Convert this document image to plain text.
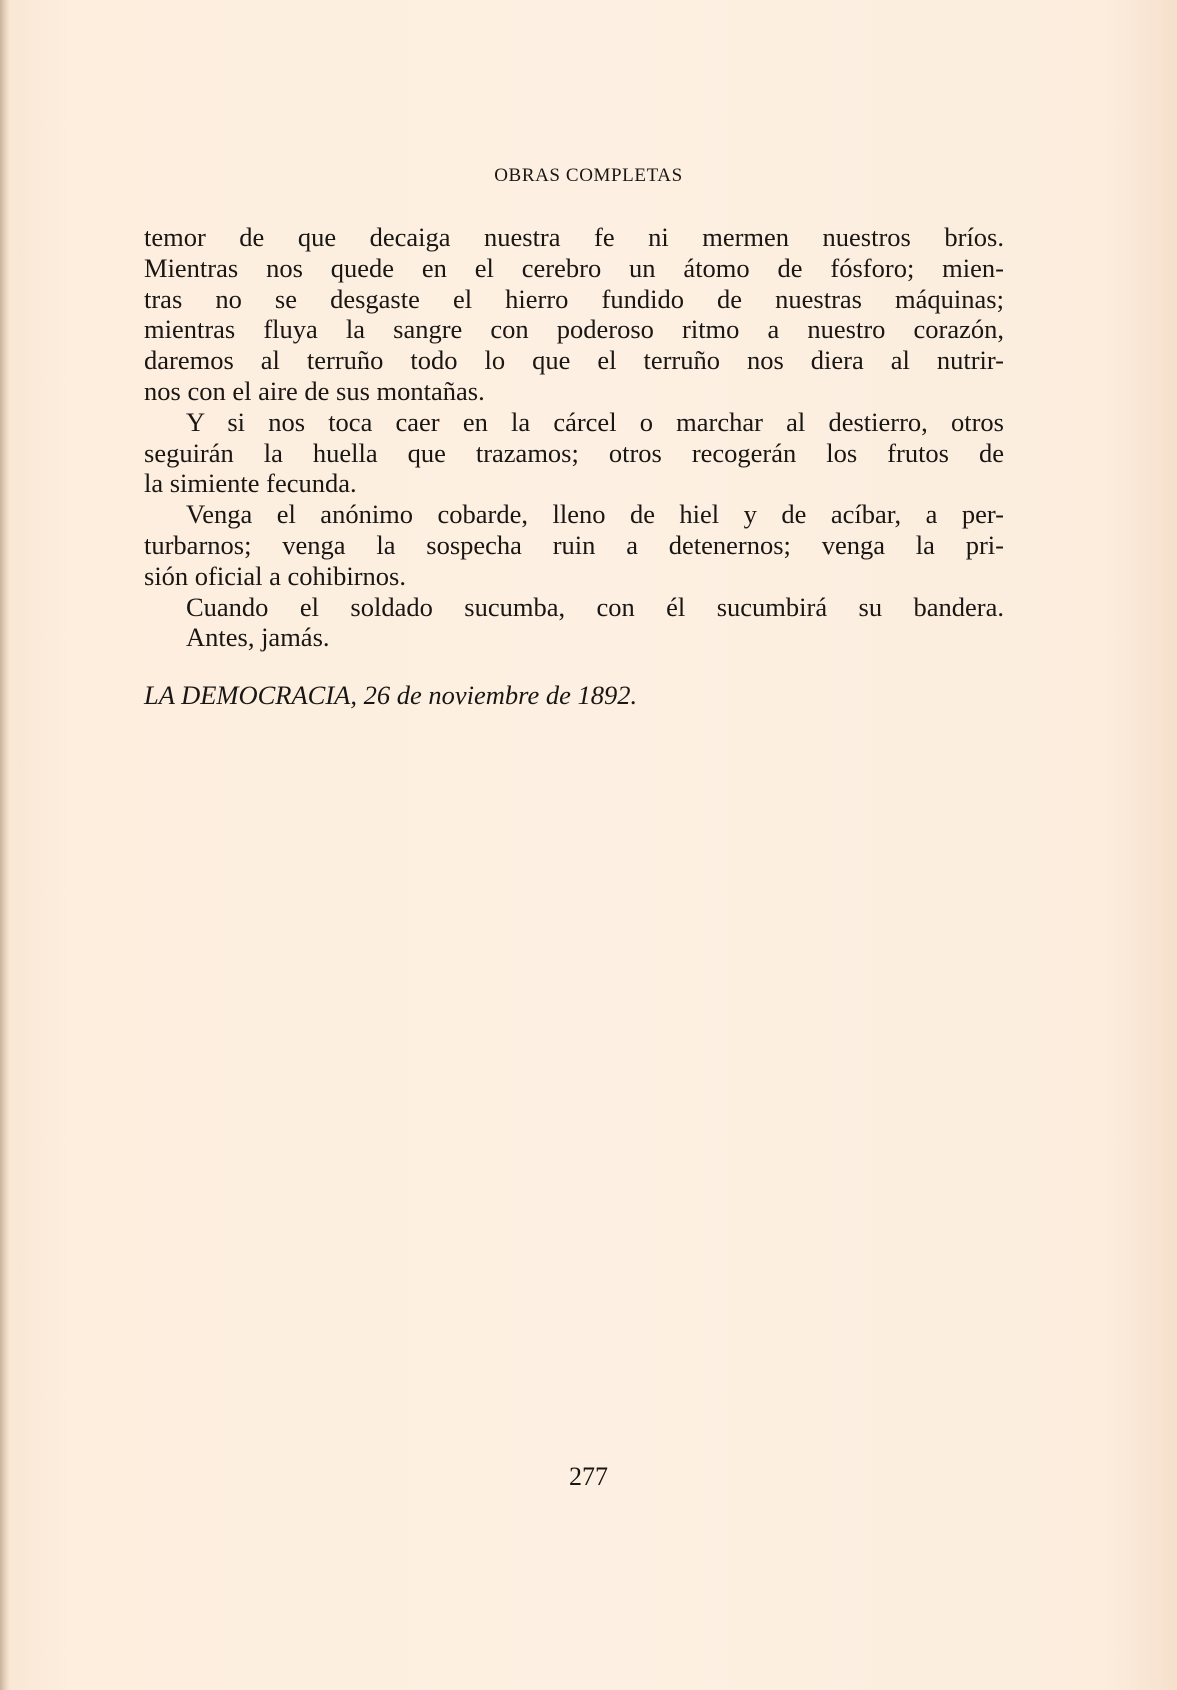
OBRAS COMPLETAS

temor de que decaiga nuestra fe ni mermen nuestros bríos.
Mientras nos quede en el cerebro un átomo de fósforo; mien-
tras no se desgaste el hierro fundido de nuestras máquinas;
mientras fluya la sangre con poderoso ritmo a nuestro corazón,
daremos al terruño todo lo que el terruño nos diera al nutrir-
nos con el aire de sus montañas.

Y si nos toca caer en la cárcel o marchar al destierro, otros
seguirán la huella que trazamos; otros recogerán los frutos de
la simiente fecunda.

Venga el anónimo cobarde, lleno de hiel y de acíbar, a per-
turbarnos; venga la sospecha ruin a detenernos; venga la pri-
sión oficial a cohibirnos.

Cuando el soldado sucumba, con él sucumbirá su bandera.

Antes, jamás.

LA DEMOCRACIA, 26 de noviembre de 1892.
277
